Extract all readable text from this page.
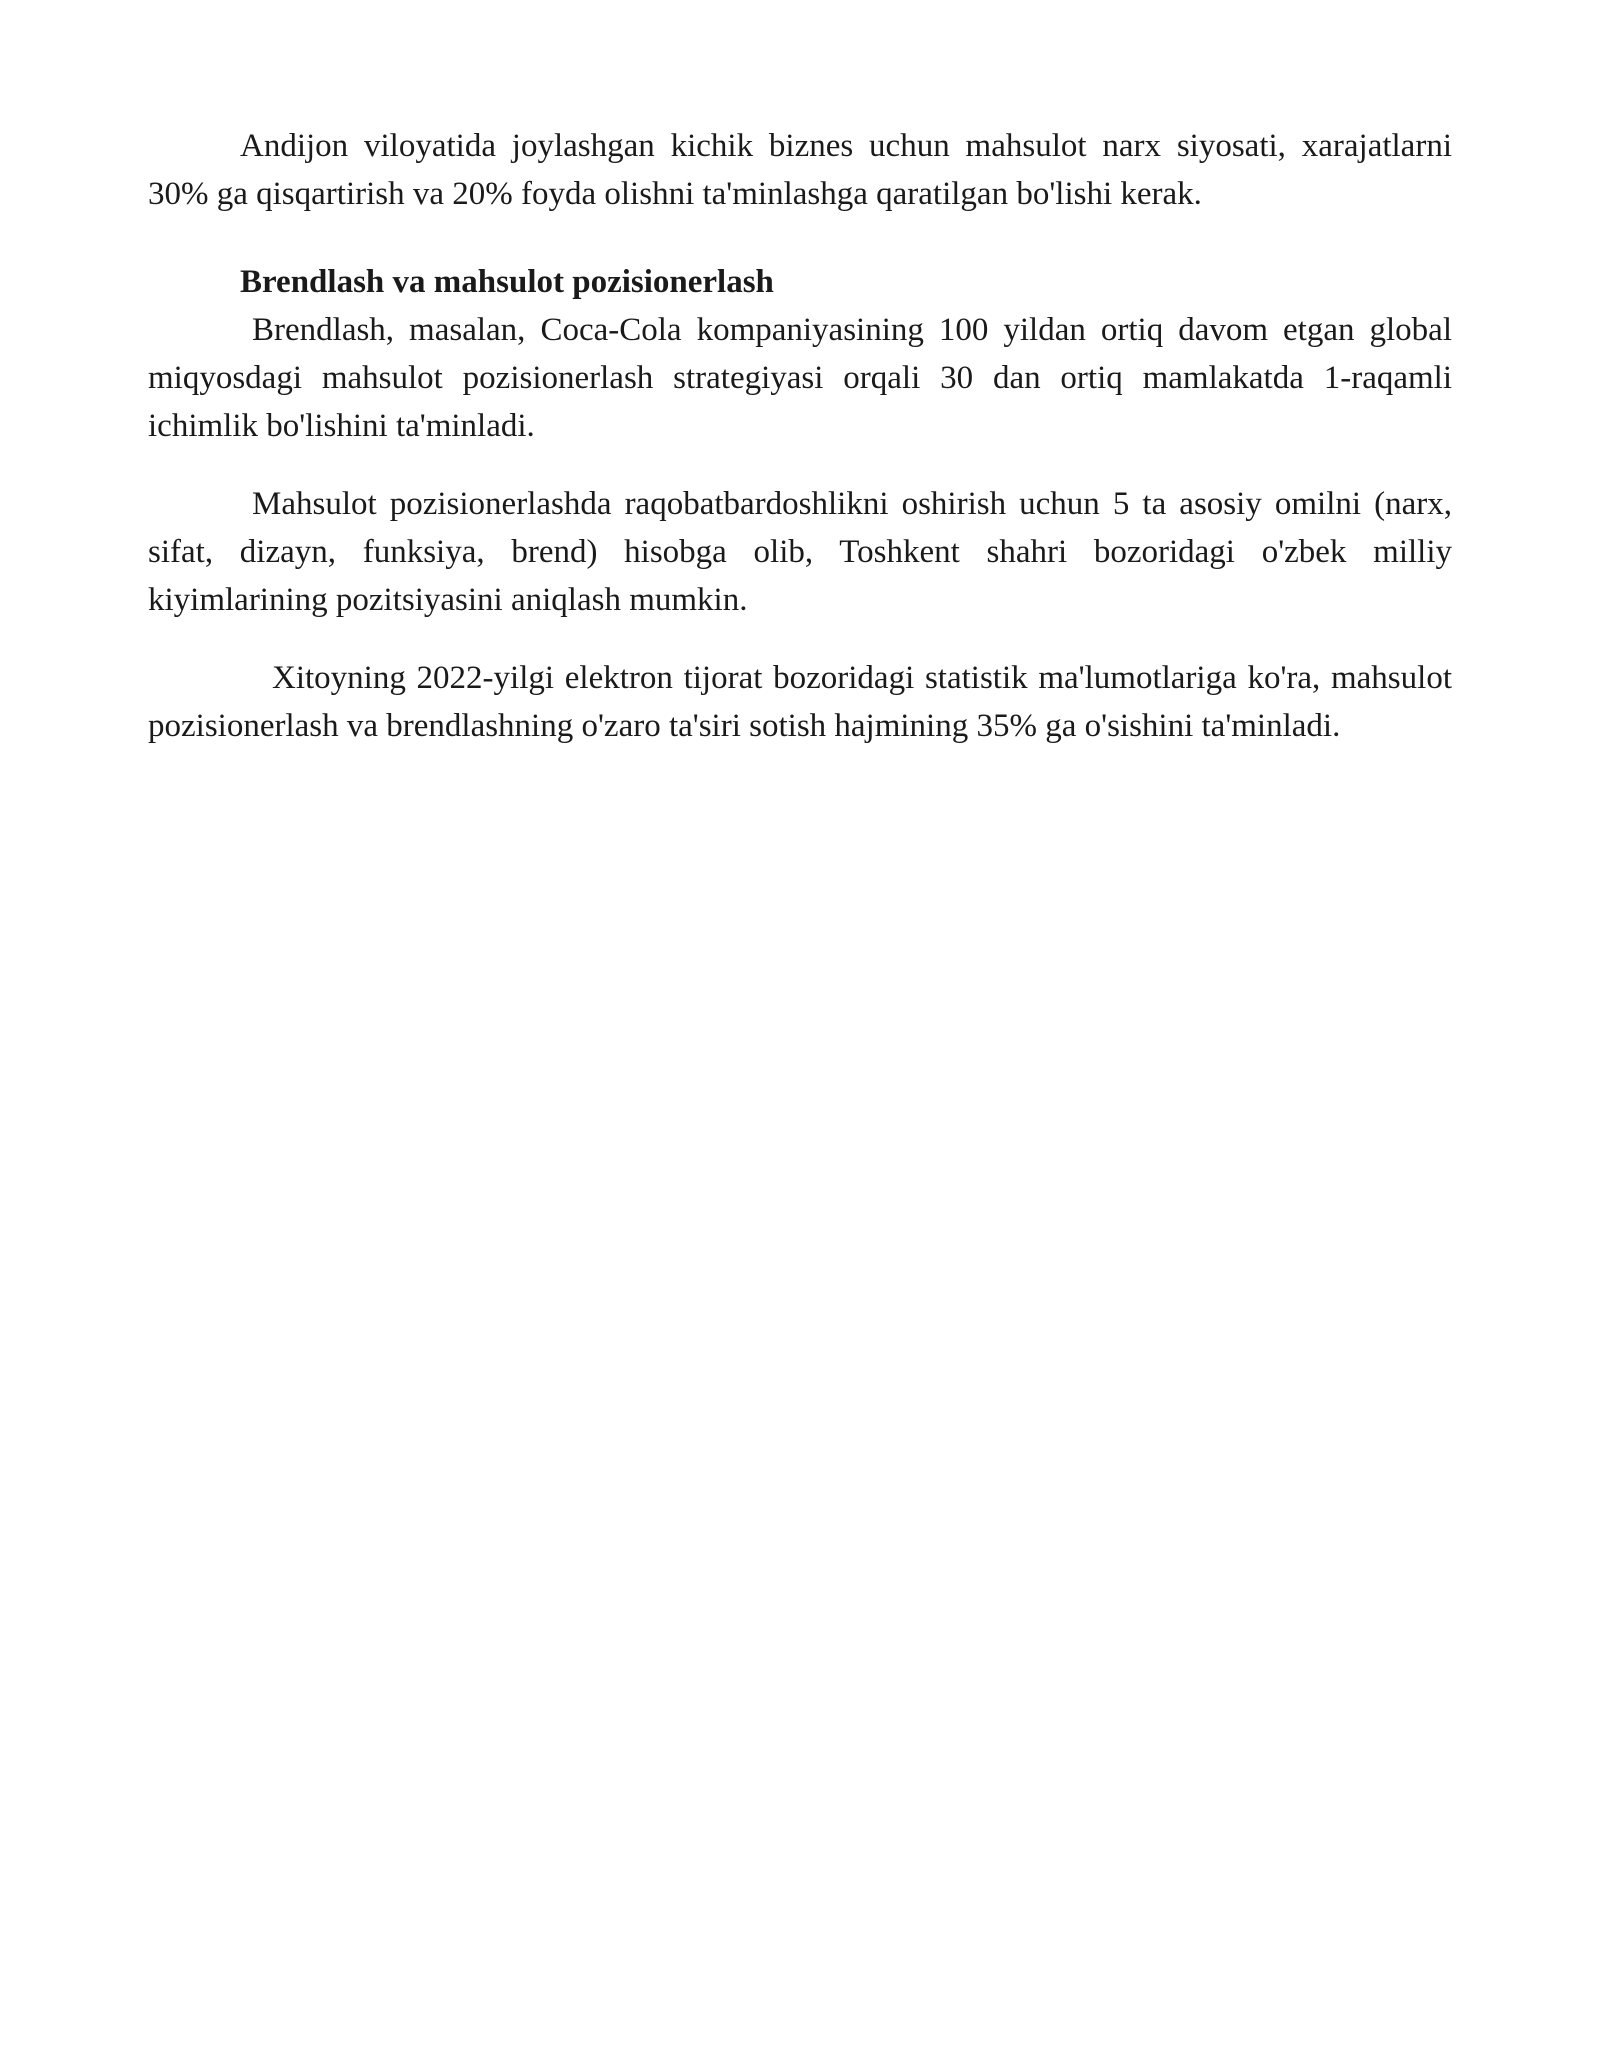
Andijon viloyatida joylashgan kichik biznes uchun mahsulot narx siyosati, xarajatlarni 30% ga qisqartirish va 20% foyda olishni ta'minlashga qaratilgan bo'lishi kerak.

Brendlash va mahsulot pozisionerlash

Brendlash, masalan, Coca-Cola kompaniyasining 100 yildan ortiq davom etgan global miqyosdagi mahsulot pozisionerlash strategiyasi orqali 30 dan ortiq mamlakatda 1-raqamli ichimlik bo'lishini ta'minladi.

Mahsulot pozisionerlashda raqobatbardoshlikni oshirish uchun 5 ta asosiy omilni (narx, sifat, dizayn, funksiya, brend) hisobga olib, Toshkent shahri bozoridagi o'zbek milliy kiyimlarining pozitsiyasini aniqlash mumkin.

Xitoyning 2022-yilgi elektron tijorat bozoridagi statistik ma'lumotlariga ko'ra, mahsulot pozisionerlash va brendlashning o'zaro ta'siri sotish hajmining 35% ga o'sishini ta'minladi.
